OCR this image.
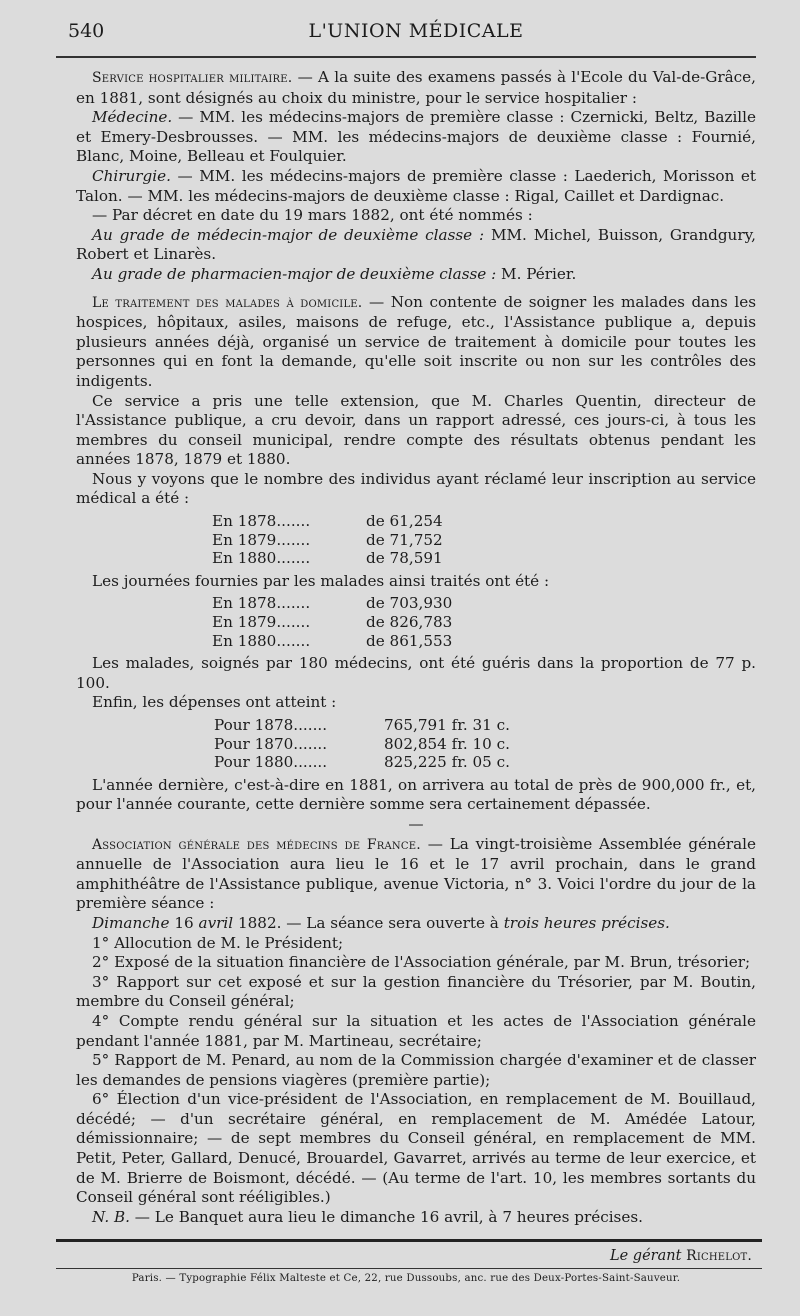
540	L'UNION MÉDICALE

Service hospitalier militaire. — A la suite des examens passés à l'Ecole du Val-de-Grâce, en 1881, sont désignés au choix du ministre, pour le service hospitalier :

Médecine. — MM. les médecins-majors de première classe : Czernicki, Beltz, Bazille et Emery-Desbrousses. — MM. les médecins-majors de deuxième classe : Fournié, Blanc, Moine, Belleau et Foulquier.

Chirurgie. — MM. les médecins-majors de première classe : Laederich, Morisson et Talon. — MM. les médecins-majors de deuxième classe : Rigal, Caillet et Dardignac.

— Par décret en date du 19 mars 1882, ont été nommés :

Au grade de médecin-major de deuxième classe : MM. Michel, Buisson, Grandgury, Robert et Linarès.

Au grade de pharmacien-major de deuxième classe : M. Périer.

Le traitement des malades à domicile. — Non contente de soigner les malades dans les hospices, hôpitaux, asiles, maisons de refuge, etc., l'Assistance publique a, depuis plusieurs années déjà, organisé un service de traitement à domicile pour toutes les personnes qui en font la demande, qu'elle soit inscrite ou non sur les contrôles des indigents.

Ce service a pris une telle extension, que M. Charles Quentin, directeur de l'Assistance publique, a cru devoir, dans un rapport adressé, ces jours-ci, à tous les membres du conseil municipal, rendre compte des résultats obtenus pendant les années 1878, 1879 et 1880.

Nous y voyons que le nombre des individus ayant réclamé leur inscription au service médical a été :

En 1878.......	de 61,254
En 1879.......	de 71,752
En 1880.......	de 78,591

Les journées fournies par les malades ainsi traités ont été :

En 1878.......	de 703,930
En 1879.......	de 826,783
En 1880.......	de 861,553

Les malades, soignés par 180 médecins, ont été guéris dans la proportion de 77 p. 100.

Enfin, les dépenses ont atteint :

Pour 1878.......	765,791 fr. 31 c.
Pour 1870.......	802,854 fr. 10 c.
Pour 1880.......	825,225 fr. 05 c.

L'année dernière, c'est-à-dire en 1881, on arrivera au total de près de 900,000 fr., et, pour l'année courante, cette dernière somme sera certainement dépassée.

—

Association générale des médecins de France. — La vingt-troisième Assemblée générale annuelle de l'Association aura lieu le 16 et le 17 avril prochain, dans le grand amphithéâtre de l'Assistance publique, avenue Victoria, n° 3. Voici l'ordre du jour de la première séance :

Dimanche 16 avril 1882. — La séance sera ouverte à trois heures précises.

1° Allocution de M. le Président;

2° Exposé de la situation financière de l'Association générale, par M. Brun, trésorier;

3° Rapport sur cet exposé et sur la gestion financière du Trésorier, par M. Boutin, membre du Conseil général;

4° Compte rendu général sur la situation et les actes de l'Association générale pendant l'année 1881, par M. Martineau, secrétaire;

5° Rapport de M. Penard, au nom de la Commission chargée d'examiner et de classer les demandes de pensions viagères (première partie);

6° Élection d'un vice-président de l'Association, en remplacement de M. Bouillaud, décédé; — d'un secrétaire général, en remplacement de M. Amédée Latour, démissionnaire; — de sept membres du Conseil général, en remplacement de MM. Petit, Peter, Gallard, Denucé, Brouardel, Gavarret, arrivés au terme de leur exercice, et de M. Brierre de Boismont, décédé. — (Au terme de l'art. 10, les membres sortants du Conseil général sont rééligibles.)

N. B. — Le Banquet aura lieu le dimanche 16 avril, à 7 heures précises.

Le gérant Richelot.
Paris. — Typographie Félix Malteste et Ce, 22, rue Dussoubs, anc. rue des Deux-Portes-Saint-Sauveur.
